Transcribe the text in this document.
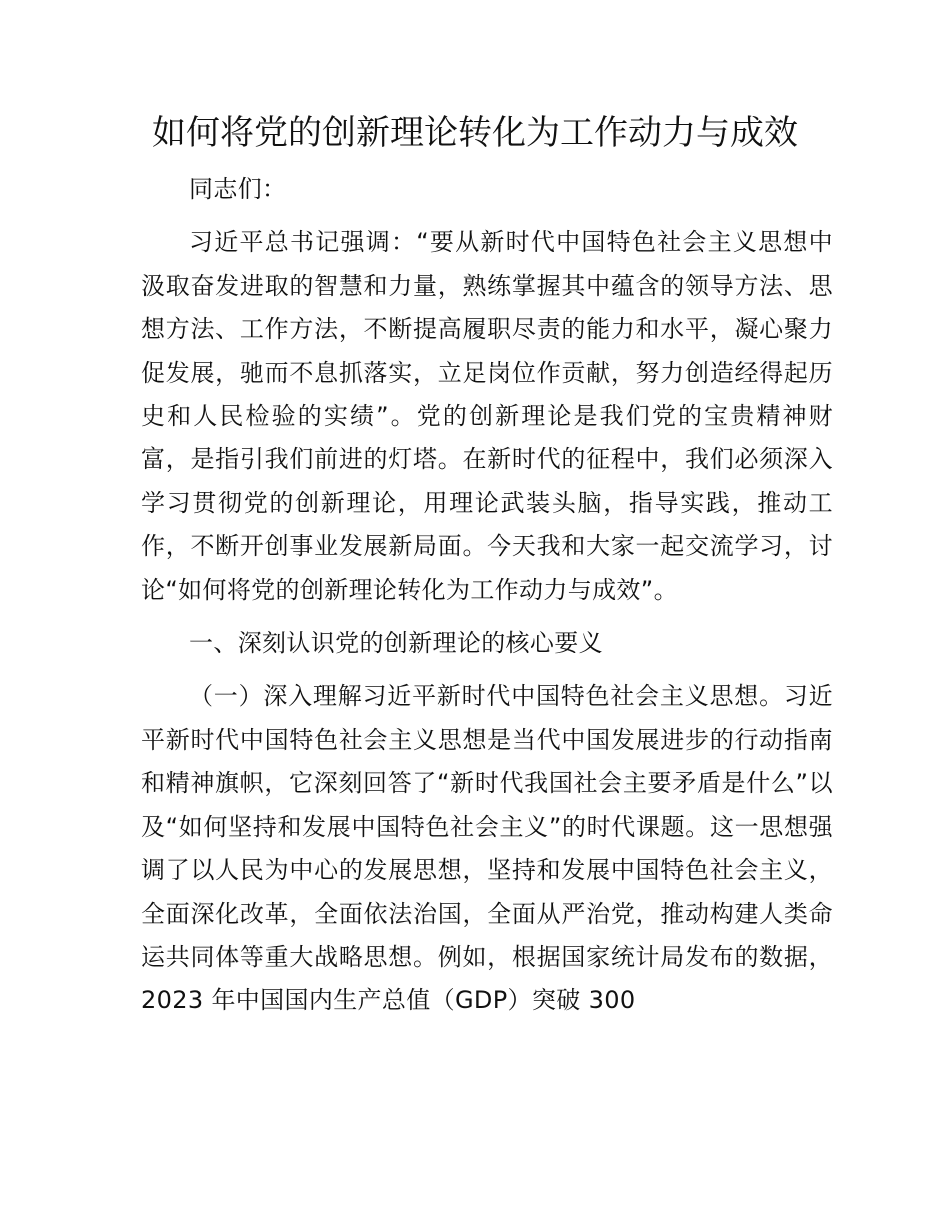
如何将党的创新理论转化为工作动力与成效

同志们：

习近平总书记强调：“要从新时代中国特色社会主义思想中汲取奋发进取的智慧和力量，熟练掌握其中蕴含的领导方法、思想方法、工作方法，不断提高履职尽责的能力和水平，凝心聚力促发展，驰而不息抓落实，立足岗位作贡献，努力创造经得起历史和人民检验的实绩”。党的创新理论是我们党的宝贵精神财富，是指引我们前进的灯塔。在新时代的征程中，我们必须深入学习贯彻党的创新理论，用理论武装头脑，指导实践，推动工作，不断开创事业发展新局面。今天我和大家一起交流学习，讨论“如何将党的创新理论转化为工作动力与成效”。

一、深刻认识党的创新理论的核心要义

（一）深入理解习近平新时代中国特色社会主义思想。习近平新时代中国特色社会主义思想是当代中国发展进步的行动指南和精神旗帜，它深刻回答了“新时代我国社会主要矛盾是什么”以及“如何坚持和发展中国特色社会主义”的时代课题。这一思想强调了以人民为中心的发展思想，坚持和发展中国特色社会主义，全面深化改革，全面依法治国，全面从严治党，推动构建人类命运共同体等重大战略思想。例如，根据国家统计局发布的数据，2023 年中国国内生产总值（GDP）突破 300
